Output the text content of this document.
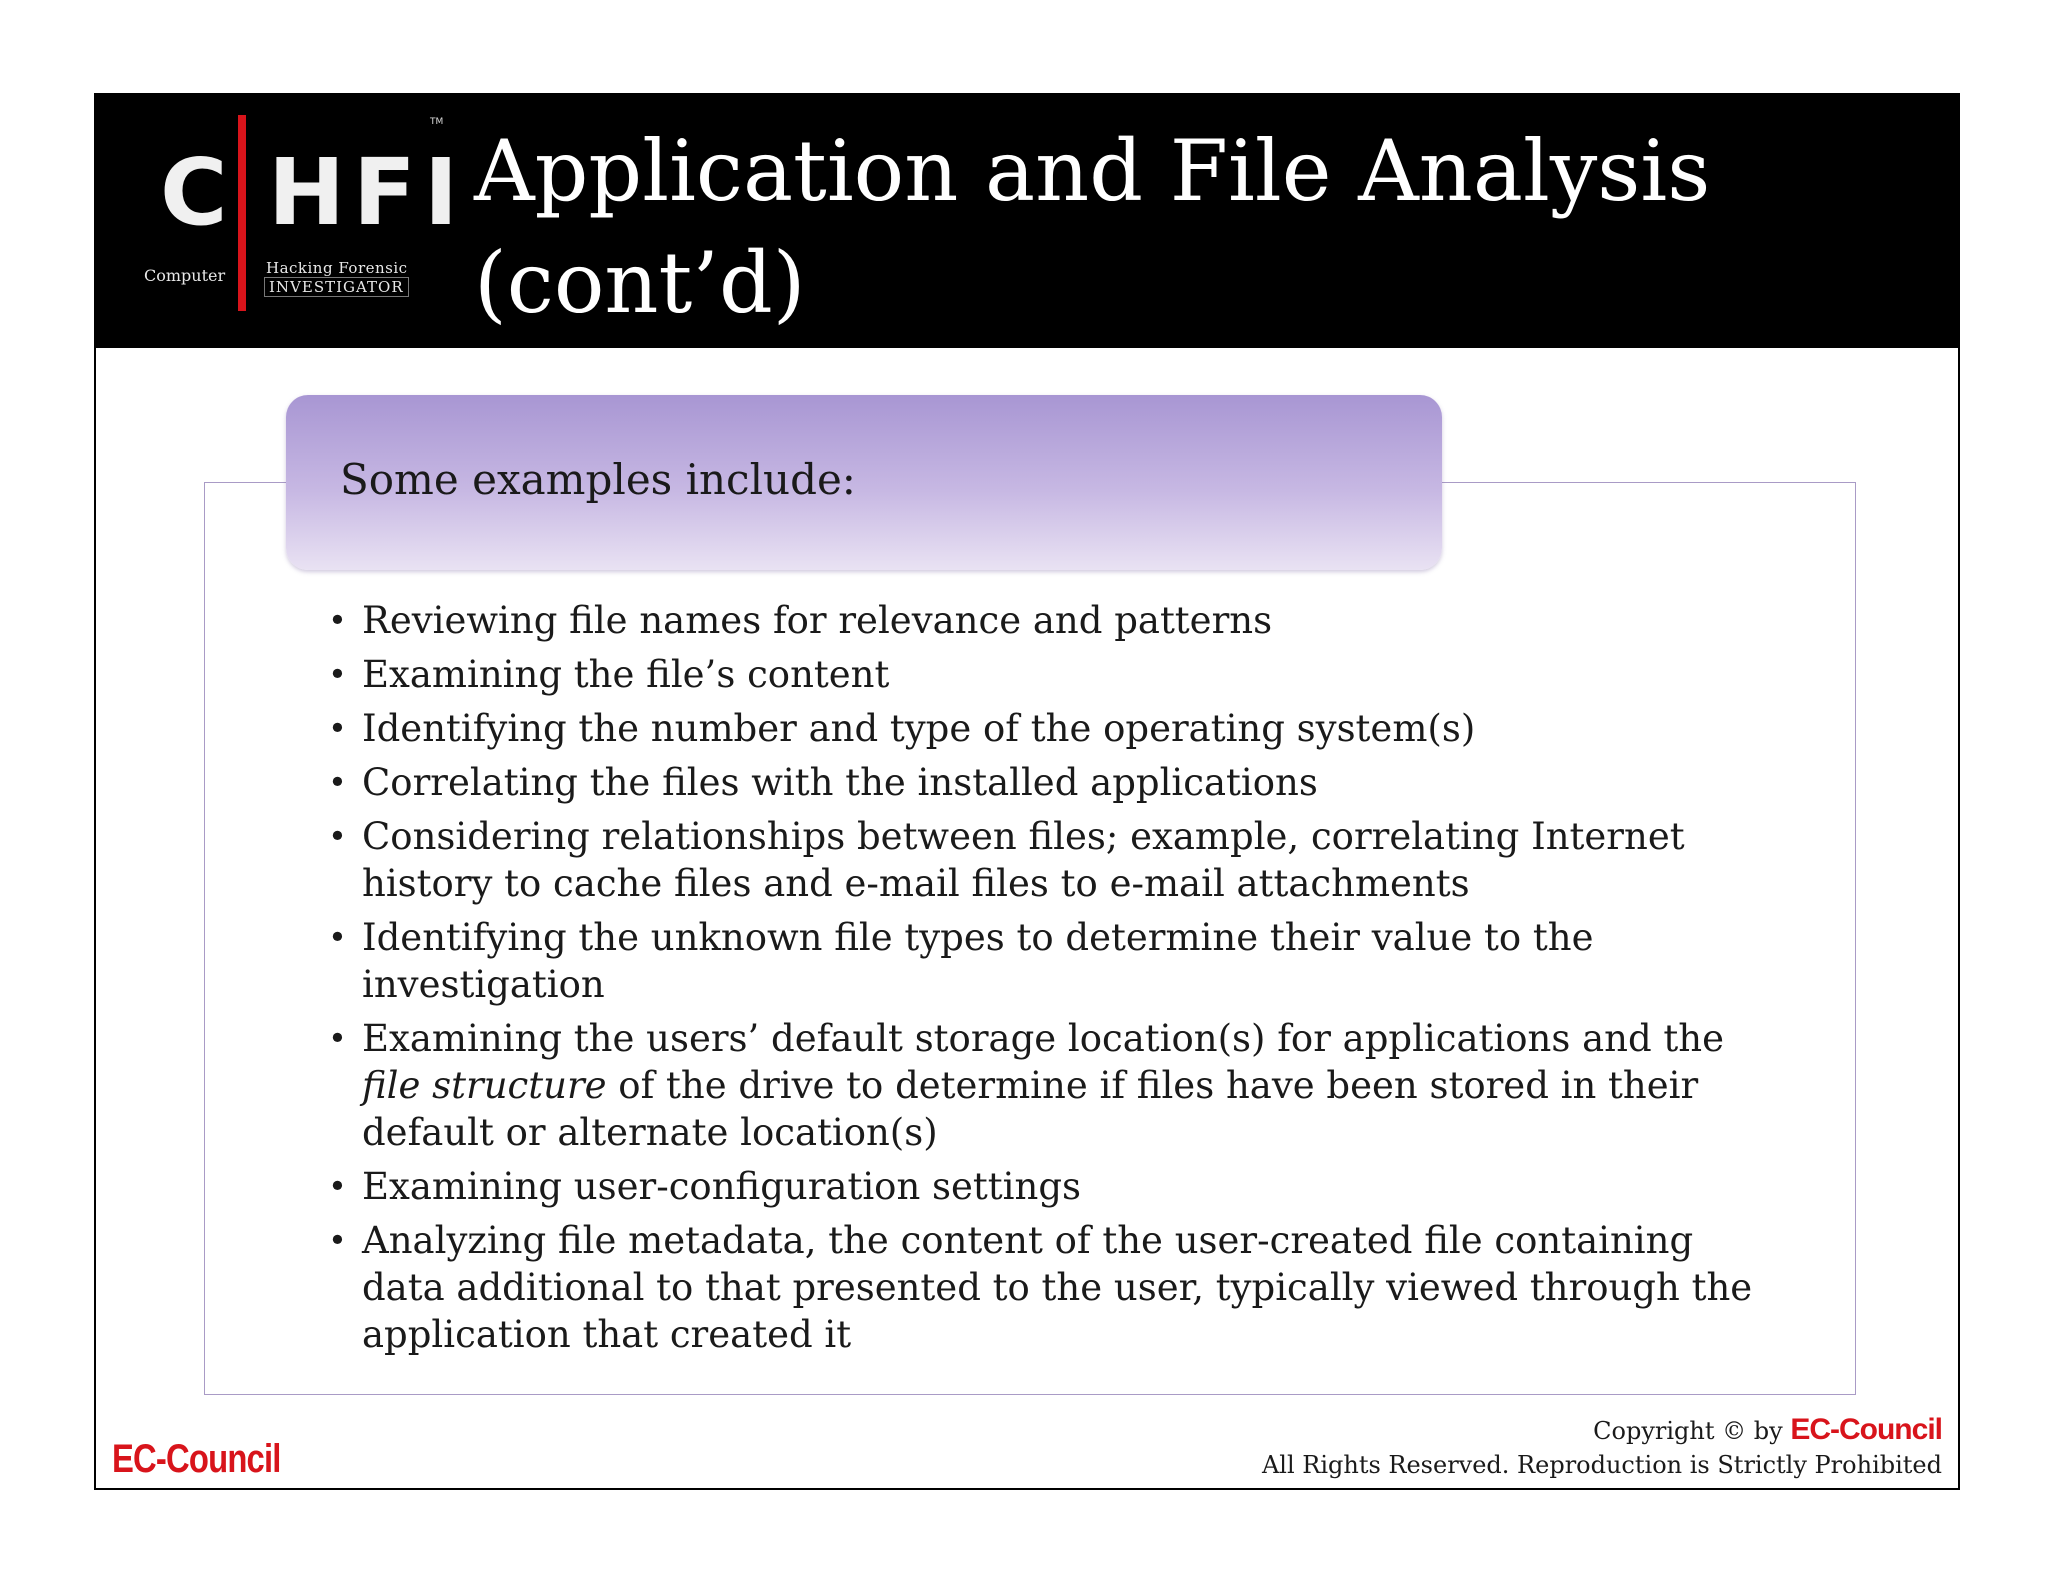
C HFI
TM
Computer	Hacking Forensic
INVESTIGATOR
Application and File Analysis
(cont’d)
Some examples include:
• Reviewing file names for relevance and patterns
• Examining the file’s content
• Identifying the number and type of the operating system(s)
• Correlating the files with the installed applications
• Considering relationships between files; example, correlating Internet
history to cache files and e-mail files to e-mail attachments
• Identifying the unknown file types to determine their value to the
investigation
• Examining the users’ default storage location(s) for applications and the
file structure of the drive to determine if files have been stored in their
default or alternate location(s)
• Examining user-configuration settings
• Analyzing file metadata, the content of the user-created file containing
data additional to that presented to the user, typically viewed through the
application that created it
EC-Council
Copyright © by EC-Council
All Rights Reserved. Reproduction is Strictly Prohibited
